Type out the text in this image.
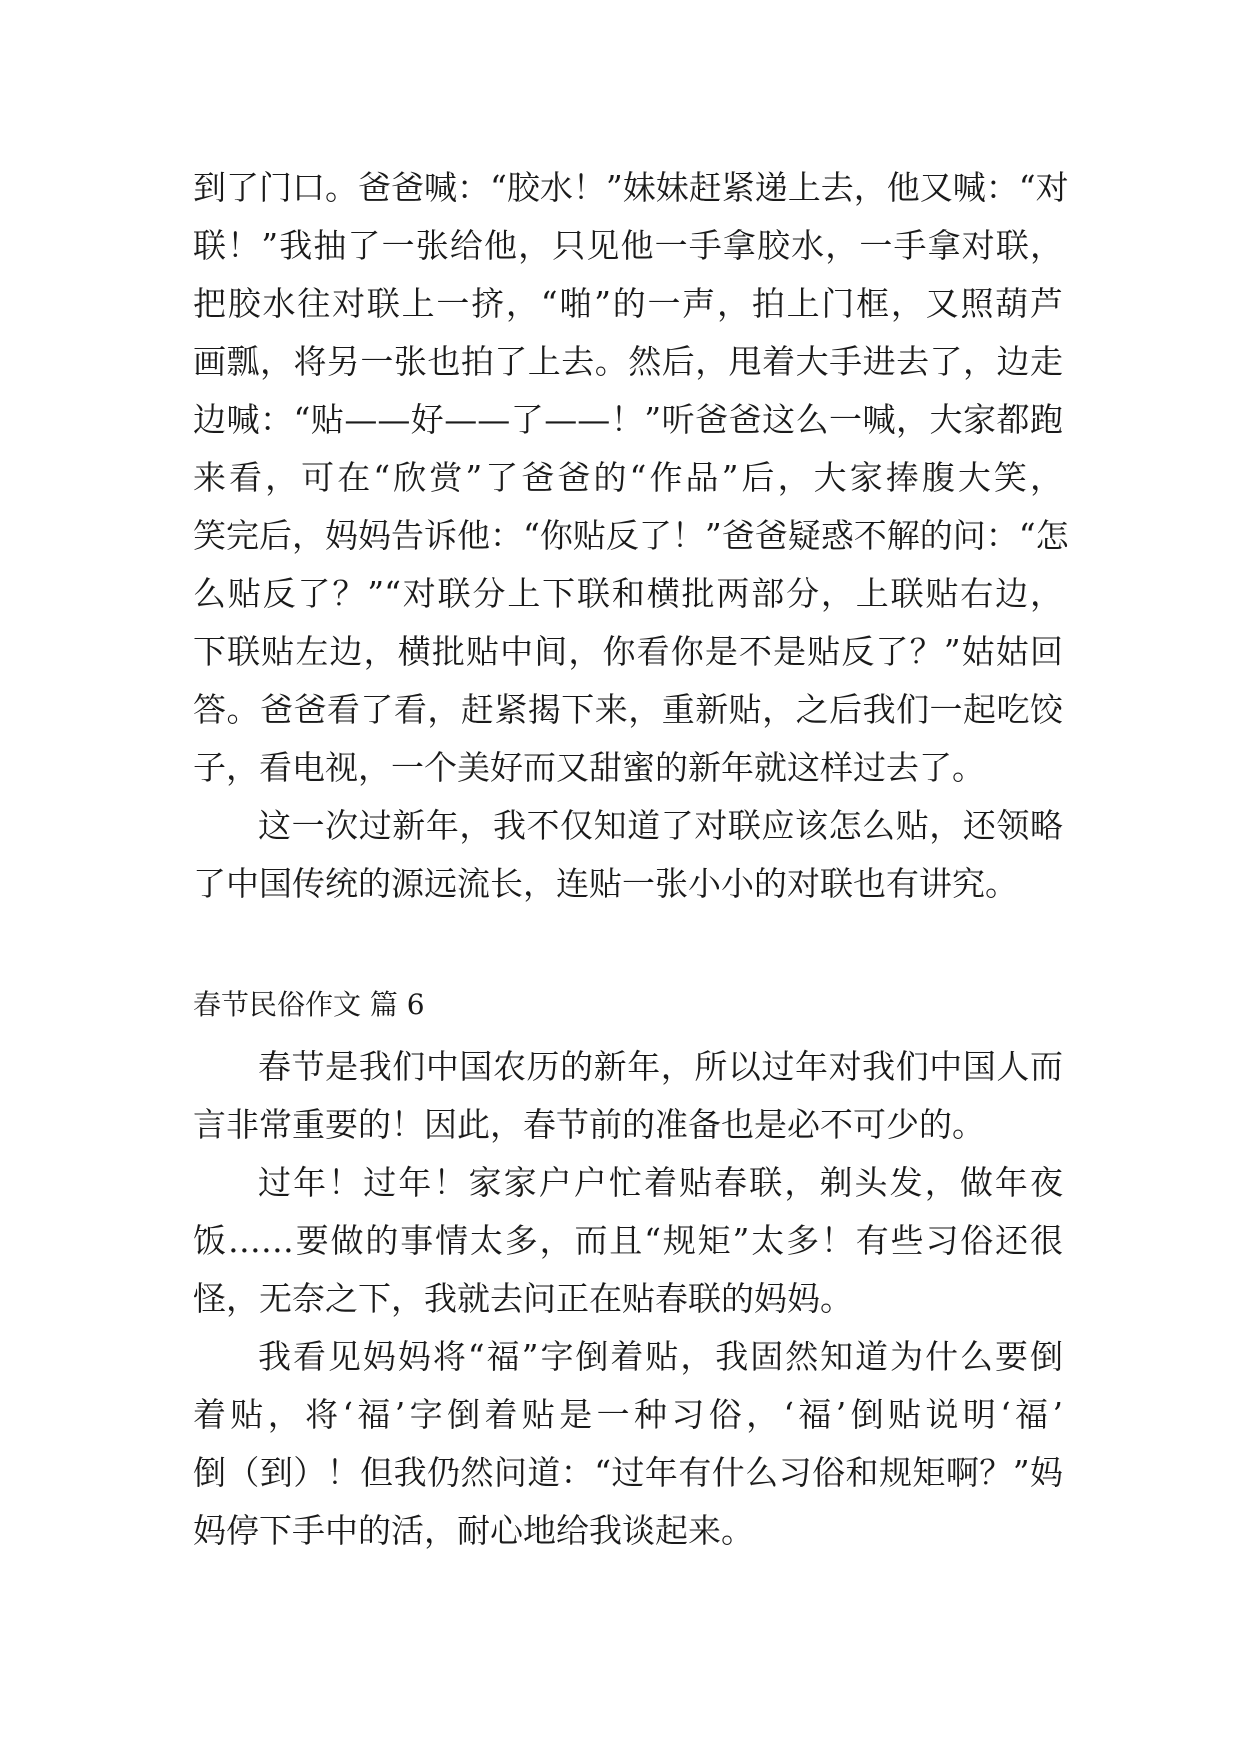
到了门口。爸爸喊：“胶水！”妹妹赶紧递上去，他又喊：“对
联！”我抽了一张给他，只见他一手拿胶水，一手拿对联，
把胶水往对联上一挤，“啪”的一声，拍上门框，又照葫芦
画瓢，将另一张也拍了上去。然后，甩着大手进去了，边走
边喊：“贴——好——了——！”听爸爸这么一喊，大家都跑
来看，可在“欣赏”了爸爸的“作品”后，大家捧腹大笑，
笑完后，妈妈告诉他：“你贴反了！”爸爸疑惑不解的问：“怎
么贴反了？”“对联分上下联和横批两部分，上联贴右边，
下联贴左边，横批贴中间，你看你是不是贴反了？”姑姑回
答。爸爸看了看，赶紧揭下来，重新贴，之后我们一起吃饺
子，看电视，一个美好而又甜蜜的新年就这样过去了。
这一次过新年，我不仅知道了对联应该怎么贴，还领略
了中国传统的源远流长，连贴一张小小的对联也有讲究。
春节民俗作文 篇 6
春节是我们中国农历的新年，所以过年对我们中国人而
言非常重要的！因此，春节前的准备也是必不可少的。
过年！过年！家家户户忙着贴春联，剃头发，做年夜
饭……要做的事情太多，而且“规矩”太多！有些习俗还很
怪，无奈之下，我就去问正在贴春联的妈妈。
我看见妈妈将“福”字倒着贴，我固然知道为什么要倒
着贴，将‘福’字倒着贴是一种习俗，‘福’倒贴说明‘福’
倒（到）！但我仍然问道：“过年有什么习俗和规矩啊？”妈
妈停下手中的活，耐心地给我谈起来。
